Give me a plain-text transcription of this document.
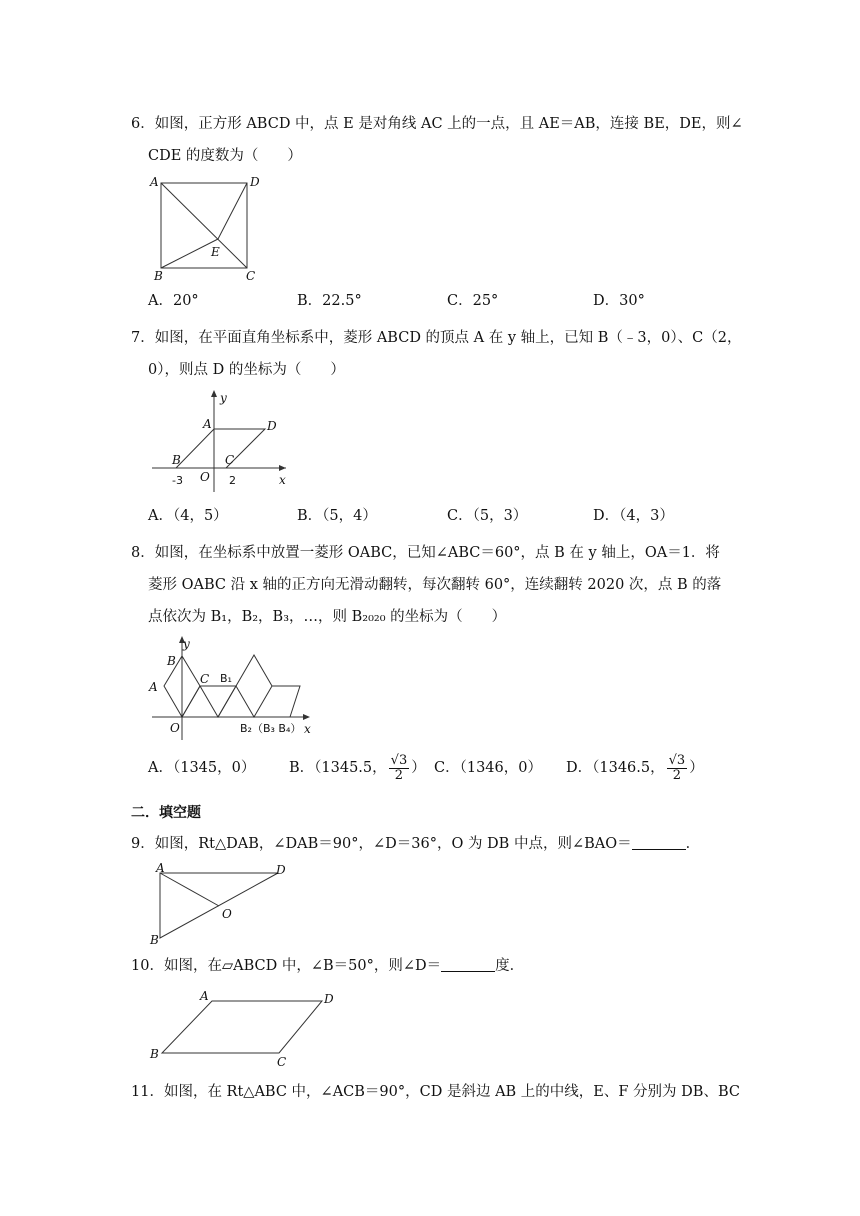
6．如图，正方形 ABCD 中，点 E 是对角线 AC 上的一点，且 AE＝AB，连接 BE，DE，则∠
CDE 的度数为（　　）
A	D
E
B	C
A．20°	B．22.5°	C．25°	D．30°
7．如图，在平面直角坐标系中，菱形 ABCD 的顶点 A 在 y 轴上，已知 B（﹣3，0）、C（2，
0），则点 D 的坐标为（　　）
y
A	D
B	C
O	x
-3	2
A．（4，5）	B．（5，4）	C．（5，3）	D．（4，3）
8．如图，在坐标系中放置一菱形 OABC，已知∠ABC＝60°，点 B 在 y 轴上，OA＝1．将
菱形 OABC 沿 x 轴的正方向无滑动翻转，每次翻转 60°，连续翻转 2020 次，点 B 的落
点依次为 B₁，B₂，B₃，…，则 B₂₀₂₀ 的坐标为（　　）
y
B
A
C B₁
O	B₂（B₃ B₄） x
A．（1345，0） B．（1345.5， $\frac{√3}{2}$ ） C．（1346，0） D．（1346.5， $\frac{√3}{2}$ ）
二．填空题
9．如图，Rt△DAB，∠DAB＝90°，∠D＝36°，O 为 DB 中点，则∠BAO＝	．
A	D
O
B
10．如图，在▱ABCD 中，∠B＝50°，则∠D＝	度．
A	D
B
C
11．如图，在 Rt△ABC 中，∠ACB＝90°，CD 是斜边 AB 上的中线，E、F 分别为 DB、BC
